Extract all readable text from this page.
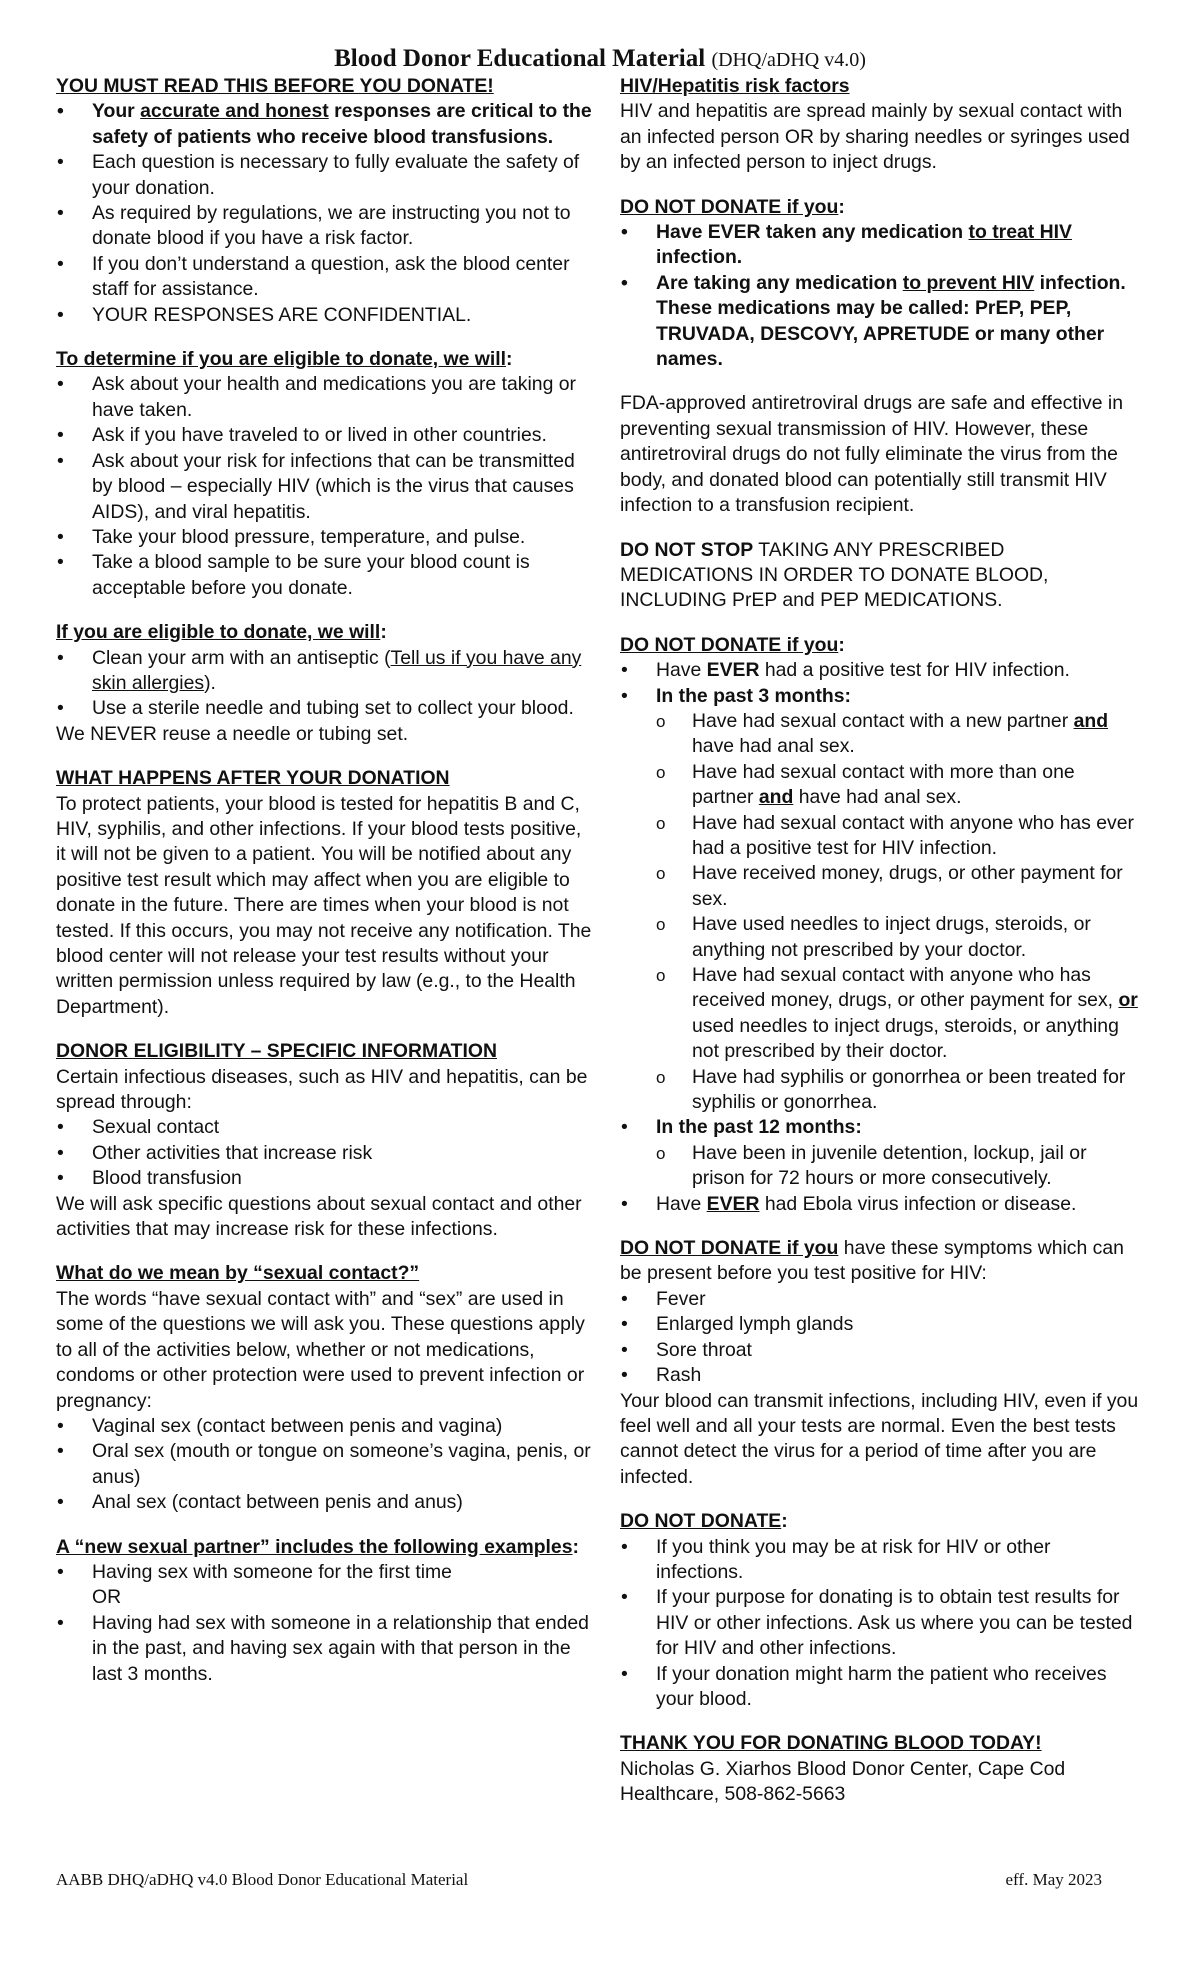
Blood Donor Educational Material (DHQ/aDHQ v4.0)
YOU MUST READ THIS BEFORE YOU DONATE!
• Your accurate and honest responses are critical to the safety of patients who receive blood transfusions.
• Each question is necessary to fully evaluate the safety of your donation.
• As required by regulations, we are instructing you not to donate blood if you have a risk factor.
• If you don’t understand a question, ask the blood center staff for assistance.
• YOUR RESPONSES ARE CONFIDENTIAL.
To determine if you are eligible to donate, we will:
• Ask about your health and medications you are taking or have taken.
• Ask if you have traveled to or lived in other countries.
• Ask about your risk for infections that can be transmitted by blood – especially HIV (which is the virus that causes AIDS), and viral hepatitis.
• Take your blood pressure, temperature, and pulse.
• Take a blood sample to be sure your blood count is acceptable before you donate.
If you are eligible to donate, we will:
• Clean your arm with an antiseptic (Tell us if you have any skin allergies).
• Use a sterile needle and tubing set to collect your blood.

We NEVER reuse a needle or tubing set.

WHAT HAPPENS AFTER YOUR DONATION

To protect patients, your blood is tested for hepatitis B and C, HIV, syphilis, and other infections. If your blood tests positive, it will not be given to a patient. You will be notified about any positive test result which may affect when you are eligible to donate in the future. There are times when your blood is not tested. If this occurs, you may not receive any notification. The blood center will not release your test results without your written permission unless required by law (e.g., to the Health Department).

DONOR ELIGIBILITY – SPECIFIC INFORMATION

Certain infectious diseases, such as HIV and hepatitis, can be spread through:

• Sexual contact
• Other activities that increase risk
• Blood transfusion

We will ask specific questions about sexual contact and other activities that may increase risk for these infections.

What do we mean by “sexual contact?”

The words “have sexual contact with” and “sex” are used in some of the questions we will ask you. These questions apply to all of the activities below, whether or not medications, condoms or other protection were used to prevent infection or pregnancy:

• Vaginal sex (contact between penis and vagina)
• Oral sex (mouth or tongue on someone’s vagina, penis, or anus)
• Anal sex (contact between penis and anus)
A “new sexual partner” includes the following examples:
• Having sex with someone for the first time
OR
• Having had sex with someone in a relationship that ended in the past, and having sex again with that person in the last 3 months.
HIV/Hepatitis risk factors

HIV and hepatitis are spread mainly by sexual contact with an infected person OR by sharing needles or syringes used by an infected person to inject drugs.

DO NOT DONATE if you:
• Have EVER taken any medication to treat HIV infection.
• Are taking any medication to prevent HIV infection. These medications may be called: PrEP, PEP, TRUVADA, DESCOVY, APRETUDE or many other names.

FDA-approved antiretroviral drugs are safe and effective in preventing sexual transmission of HIV. However, these antiretroviral drugs do not fully eliminate the virus from the body, and donated blood can potentially still transmit HIV infection to a transfusion recipient.

DO NOT STOP TAKING ANY PRESCRIBED MEDICATIONS IN ORDER TO DONATE BLOOD, INCLUDING PrEP and PEP MEDICATIONS.

DO NOT DONATE if you:
• Have EVER had a positive test for HIV infection.
• In the past 3 months:
o Have had sexual contact with a new partner and have had anal sex.
o Have had sexual contact with more than one partner and have had anal sex.
o Have had sexual contact with anyone who has ever had a positive test for HIV infection.
o Have received money, drugs, or other payment for sex.
o Have used needles to inject drugs, steroids, or anything not prescribed by your doctor.
o Have had sexual contact with anyone who has received money, drugs, or other payment for sex, or used needles to inject drugs, steroids, or anything not prescribed by their doctor.
o Have had syphilis or gonorrhea or been treated for syphilis or gonorrhea.
• In the past 12 months:
o Have been in juvenile detention, lockup, jail or prison for 72 hours or more consecutively.
• Have EVER had Ebola virus infection or disease.
DO NOT DONATE if you have these symptoms which can be present before you test positive for HIV:
• Fever
• Enlarged lymph glands
• Sore throat
• Rash

Your blood can transmit infections, including HIV, even if you feel well and all your tests are normal. Even the best tests cannot detect the virus for a period of time after you are infected.

DO NOT DONATE:
• If you think you may be at risk for HIV or other infections.
• If your purpose for donating is to obtain test results for HIV or other infections. Ask us where you can be tested for HIV and other infections.
• If your donation might harm the patient who receives your blood.
THANK YOU FOR DONATING BLOOD TODAY!

Nicholas G. Xiarhos Blood Donor Center, Cape Cod Healthcare, 508-862-5663

AABB DHQ/aDHQ v4.0 Blood Donor Educational Material	eff. May 2023
